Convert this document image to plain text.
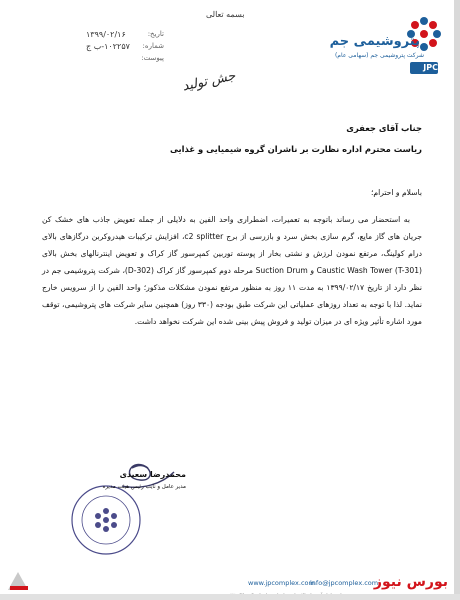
JPC
پتروشیمی جم
شرکت پتروشیمی جم (سهامی عام)
بسمه تعالی
تاریخ:
۱۳۹۹/۰۲/۱۶
شماره:
۱۰۲۲۵۷-ب ج
پیوست:
جش تولید

جناب آقای جعفری

ریاست محترم اداره نظارت بر ناشران گروه شیمیایی و غذایی

باسلام و احترام؛

به استحضار می رساند باتوجه به تعمیرات، اضطراری واحد الفین به دلایلی از جمله تعویض جاذب های خشک کن جریان های گاز مایع، گرم سازی بخش سرد و بازرسی از برج c2 splitter، افزایش ترکیبات هیدروکربن درگازهای بالای درام کولینگ، مرتفع نمودن لرزش و نشتی بخار از پوسته توربین کمپرسور گاز کراک و تعویض اینترنالهای بخش بالای Caustic Wash Tower (T-301) و Suction Drum مرحله دوم کمپرسور گاز کراک (D-302)، شرکت پتروشیمی جم در نظر دارد از تاریخ ۱۳۹۹/۰۲/۱۷ به مدت ۱۱ روز به منظور مرتفع نمودن مشکلات مذکور؛ واحد الفین را از سرویس خارج نماید. لذا با توجه به تعداد روزهای عملیاتی این شرکت طبق بودجه (۳۳۰ روز) همچنین سایر شرکت های پتروشیمی، توقف مورد اشاره تأثیر ویژه ای در میزان تولید و فروش پیش بینی شده این شرکت نخواهد داشت.

محمدرضا سعیدی
مدیر عامل و نایب رئیس هیئت مدیره
www.jpcomplex.com
info@jpcomplex.com
بورس نیوز
